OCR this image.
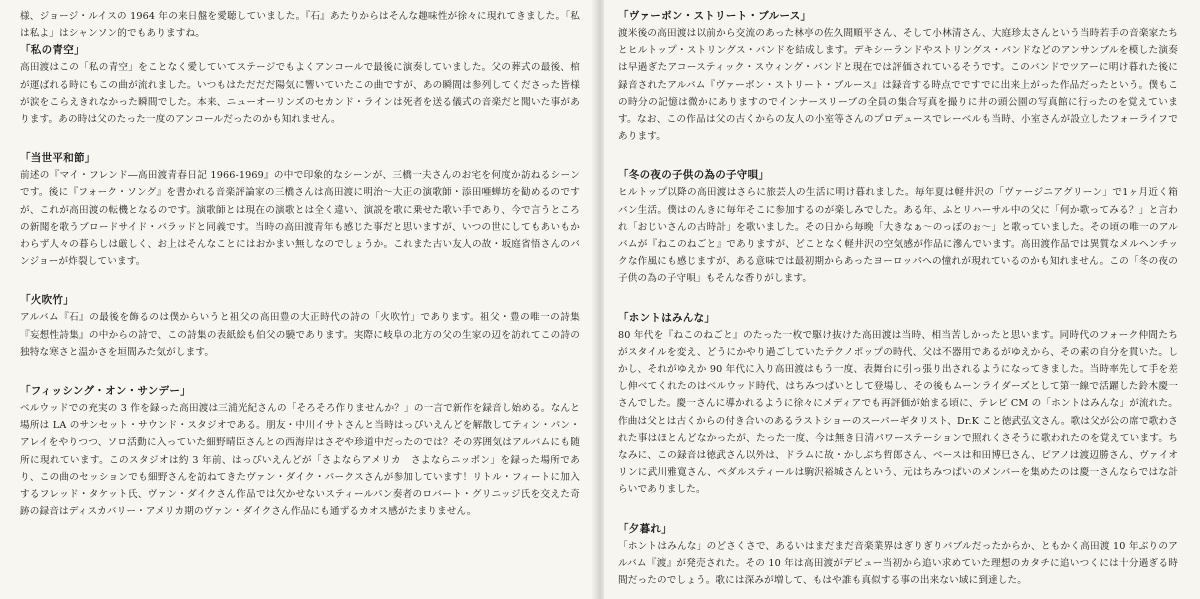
様、ジョージ・ルイスの 1964 年の来日盤を愛聴していました。『石』あたりからはそんな趣味性が徐々に現れてきました。「私は私よ」はシャンソン的でもありますね。

「私の青空」

高田渡はこの「私の青空」をことなく愛していてステージでもよくアンコールで最後に演奏していました。父の葬式の最後、棺が運ばれる時にもこの曲が流れました。いつもはただだだ陽気に響いていたこの曲ですが、あの瞬間は参列してくださった皆様が涙をこらえきれなかった瞬間でした。本来、ニューオーリンズのセカンド・ラインは死者を送る儀式の音楽だと聞いた事があります。あの時は父のたった一度のアンコールだったのかも知れません。

「当世平和節」

前述の『マイ・フレンド―高田渡青春日記 1966-1969』の中で印象的なシーンが、三橋一夫さんのお宅を何度か訪ねるシーンです。後に『フォーク・ソング』を書かれる音楽評論家の三橋さんは高田渡に明治～大正の演歌師・添田唖蝉坊を勧めるのですが、これが高田渡の転機となるのです。演歌師とは現在の演歌とは全く違い、演説を歌に乗せた歌い手であり、今で言うところの新聞を歌うブロードサイド・バラッドと同義です。当時の高田渡青年も感じた事だと思いますが、いつの世にしてもあいもかわらず人々の暮らしは厳しく、お上はそんなことにはおかまい無しなのでしょうか。これまた古い友人の故・坂庭省悟さんのバンジョーが炸裂しています。

「火吹竹」

アルバム『石』の最後を飾るのは僕からいうと祖父の高田豊の大正時代の詩の「火吹竹」であります。祖父・豊の唯一の詩集『妄想性詩集』の中からの詩で、この詩集の表紙絵も伯父の驍であります。実際に岐阜の北方の父の生家の辺を訪れてこの詩の独特な寒さと温かさを垣間みた気がします。

「フィッシング・オン・サンデー」

ベルウッドでの充実の 3 作を録った高田渡は三浦光紀さんの「そろそろ作りませんか？」の一言で新作を録音し始める。なんと場所は LA のサンセット・サウンド・スタジオである。朋友・中川イサトさんと当時はっぴいえんどを解散してティン・パン・アレイをやりつつ、ソロ活動に入っていた細野晴臣さんとの西海岸はさぞや珍道中だったのでは？その雰囲気はアルバムにも随所に現れています。このスタジオは約 3 年前、はっぴいえんどが「さよならアメリカ　さよならニッポン」を録った場所であり、この曲のセッションでも細野さんを訪ねてきたヴァン・ダイク・パークスさんが参加しています！リトル・フィートに加入するフレッド・タケット氏、ヴァン・ダイクさん作品では欠かせないスティールパン奏者のロバート・グリニッジ氏を交えた奇跡の録音はディスカバリー・アメリカ期のヴァン・ダイクさん作品にも通ずるカオス感がたまりません。

「ヴァーボン・ストリート・ブルース」

渡米後の高田渡は以前から交流のあった林亭の佐久間順平さん、そして小林清さん、大庭珍太さんという当時若手の音楽家たちとヒルトップ・ストリングス・バンドを結成します。デキシーランドやストリングス・バンドなどのアンサンブルを模した演奏は早過ぎたアコースティック・スウィング・バンドと現在では評価されているそうです。このバンドでツアーに明け暮れた後に録音されたアルバム『ヴァーボン・ストリート・ブルース』は録音する時点でですでに出来上がった作品だったという。僕もこの時分の記憶は微かにありますのでインナースリーブの全員の集合写真を撮りに井の頭公園の写真館に行ったのを覚えています。なお、この作品は父の古くからの友人の小室等さんのプロデュースでレーベルも当時、小室さんが設立したフォーライフであります。

「冬の夜の子供の為の子守唄」

ヒルトップ以降の高田渡はさらに旅芸人の生活に明け暮れました。毎年夏は軽井沢の「ヴァージニアグリーン」で1ヶ月近く箱バン生活。僕はのんきに毎年そこに参加するのが楽しみでした。ある年、ふとリハーサル中の父に「何か歌ってみる？」と言われ「おじいさんの古時計」を歌いました。その日から毎晩「大きなぁ～のっぽのぉ～」と歌っていました。その頃の唯一のアルバムが『ねこのねごと』でありますが、どことなく軽井沢の空気感が作品に滲んでいます。高田渡作品では異質なメルヘンチックな作風にも感じますが、ある意味では最初期からあったヨーロッパへの憧れが現れているのかも知れません。この「冬の夜の子供の為の子守唄」もそんな香りがします。

「ホントはみんな」

80 年代を『ねこのねごと』のたった一枚で駆け抜けた高田渡は当時、相当苦しかったと思います。同時代のフォーク仲間たちがスタイルを変え、どうにかやり過ごしていたテクノポップの時代、父は不器用であるがゆえから、その素の自分を貫いた。しかし、それがゆえか 90 年代に入り高田渡はもう一度、表舞台に引っ張り出されるようになってきました。当時率先して手を差し伸べてくれたのはベルウッド時代、はちみつぱいとして登場し、その後もムーンライダーズとして第一線で活躍した鈴木慶一さんでした。慶一さんに導かれるように徐々にメディアでも再評価が始まる頃に、テレビ CM の「ホントはみんな」が流れた。作曲は父とは古くからの付き合いのあるラストショーのスーパーギタリスト、Dr.K こと徳武弘文さん。歌は父が公の席で歌わされた事はほとんどなかったが、たった一度、今は無き日清パワーステーションで照れくさそうに歌われたのを覚えています。ちなみに、この録音は徳武さん以外は、ドラムに故・かしぶち哲郎さん、ベースは和田博巳さん、ピアノは渡辺勝さん、ヴァイオリンに武川雅寛さん、ペダルスティールは駒沢裕城さんという、元はちみつぱいのメンバーを集めたのは慶一さんならではな計らいでありました。

「夕暮れ」

「ホントはみんな」のどさくさで、あるいはまだまだ音楽業界はぎりぎりバブルだったからか、ともかく高田渡 10 年ぶりのアルバム『渡』が発売された。その 10 年は高田渡がデビュー当初から追い求めていた理想のカタチに追いつくには十分過ぎる時間だったのでしょう。歌には深みが増して、もはや誰も真似する事の出来ない域に到達した。
